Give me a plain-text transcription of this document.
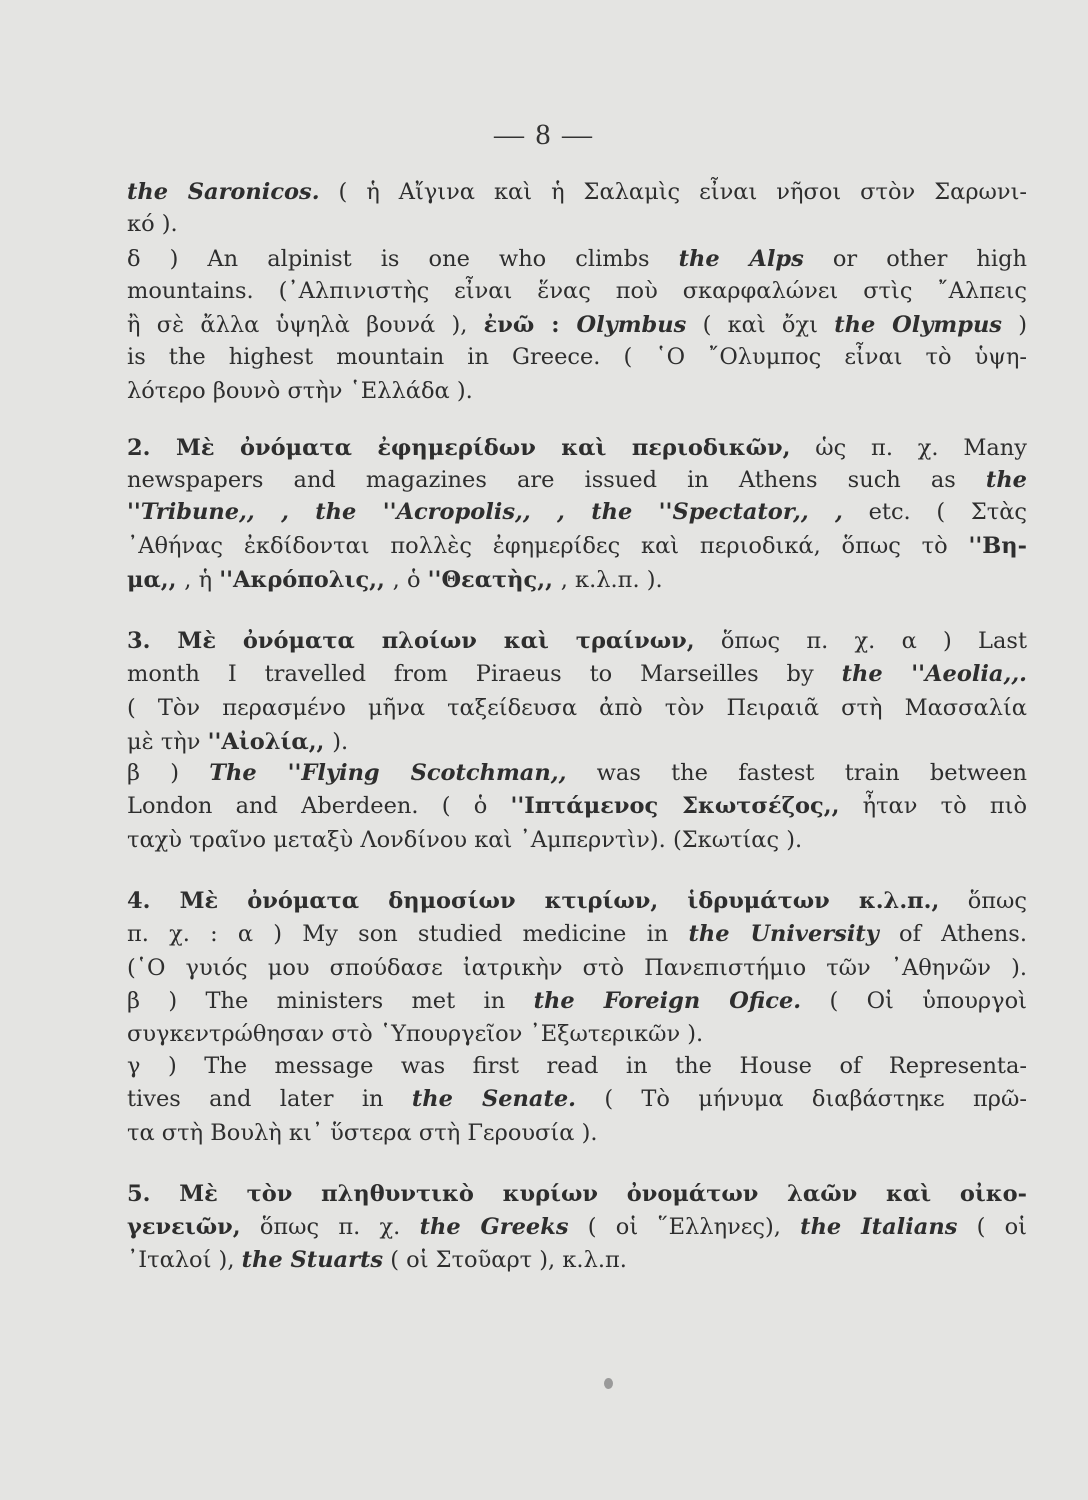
— 8 —

the Saronicos. ( ἡ Αἴγινα καὶ ἡ Σαλαμὶς εἶναι νῆσοι στὸν Σαρωνι-

κό ).

δ ) An alpinist is one who climbs the Alps or other high

mountains. (᾿Αλπινιστὴς εἶναι ἕνας ποὺ σκαρφαλώνει στὶς ῎Αλπεις

ἢ σὲ ἄλλα ὑψηλὰ βουνά ), ἐνῶ : Olymbus ( καὶ ὄχι the Olympus )

is the highest mountain in Greece. ( ῾Ο ῎Ολυμπος εἶναι τὸ ὑψη-

λότερο βουνὸ στὴν ῾Ελλάδα ).

2. Μὲ ὀνόματα ἐφημερίδων καὶ περιοδικῶν, ὡς π. χ. Many

newspapers and magazines are issued in Athens such as the

''Tribune,, , the ''Acropolis,, , the ''Spectator,, , etc. ( Στὰς

᾿Αθήνας ἐκδίδονται πολλὲς ἐφημερίδες καὶ περιοδικά, ὅπως τὸ ''Βη-

μα,, , ἡ ''Ακρόπολις,, , ὁ ''Θεατὴς,, , κ.λ.π. ).

3. Μὲ ὀνόματα πλοίων καὶ τραίνων, ὅπως π. χ. α ) Last

month I travelled from Piraeus to Marseilles by the ''Aeolia,,.

( Τὸν περασμένο μῆνα ταξείδευσα ἀπὸ τὸν Πειραιᾶ στὴ Μασσαλία

μὲ τὴν ''Αἰολία,, ).

β ) The ''Flying Scotchman,, was the fastest train between

London and Aberdeen. ( ὁ ''Ιπτάμενος Σκωτσέζος,, ἦταν τὸ πιὸ

ταχὺ τραῖνο μεταξὺ Λονδίνου καὶ ᾿Αμπερντὶν). (Σκωτίας ).

4. Μὲ ὀνόματα δημοσίων κτιρίων, ἱδρυμάτων κ.λ.π., ὅπως

π. χ. : α ) My son studied medicine in the University of Athens.

(῾Ο γυιός μου σπούδασε ἰατρικὴν στὸ Πανεπιστήμιο τῶν ᾿Αθηνῶν ).

β ) The ministers met in the Foreign Ofice. ( Οἱ ὑπουργοὶ

συγκεντρώθησαν στὸ ῾Υπουργεῖον ᾿Εξωτερικῶν ).

γ ) The message was first read in the House of Representa-

tives and later in the Senate. ( Τὸ μήνυμα διαβάστηκε πρῶ-

τα στὴ Βουλὴ κι᾿ ὕστερα στὴ Γερουσία ).

5. Μὲ τὸν πληθυντικὸ κυρίων ὀνομάτων λαῶν καὶ οἰκο-

γενειῶν, ὅπως π. χ. the Greeks ( οἱ ῞Ελληνες), the Italians ( οἱ

᾿Ιταλοί ), the Stuarts ( οἱ Στοῦαρτ ), κ.λ.π.
